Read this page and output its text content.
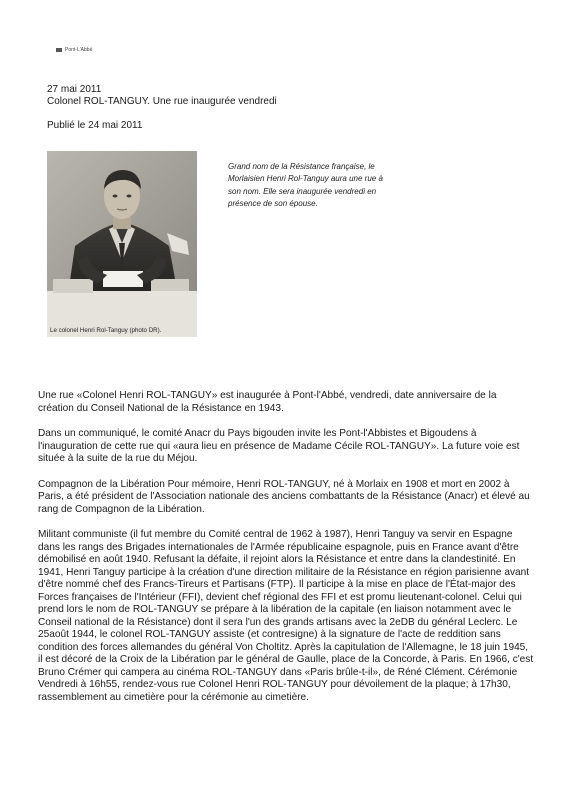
Pont-L'Abbé
27 mai 2011
Colonel ROL-TANGUY. Une rue inaugurée vendredi
Publié le 24 mai 2011
Le colonel Henri Rol-Tanguy (photo DR).
Grand nom de la Résistance française, le Morlaisien Henri Rol-Tanguy aura une rue à son nom. Elle sera inaugurée vendredi en présence de son épouse.

Une rue «Colonel Henri ROL-TANGUY» est inaugurée à Pont-l'Abbé, vendredi, date anniversaire de la création du Conseil National de la Résistance en 1943.

Dans un communiqué, le comité Anacr du Pays bigouden invite les Pont-l'Abbistes et Bigoudens à l'inauguration de cette rue qui «aura lieu en présence de Madame Cécile ROL-TANGUY». La future voie est située à la suite de la rue du Méjou.

Compagnon de la Libération Pour mémoire, Henri ROL-TANGUY, né à Morlaix en 1908 et mort en 2002 à Paris, a été président de l'Association nationale des anciens combattants de la Résistance (Anacr) et élevé au rang de Compagnon de la Libération.

Militant communiste (il fut membre du Comité central de 1962 à 1987), Henri Tanguy va servir en Espagne dans les rangs des Brigades internationales de l'Armée républicaine espagnole, puis en France avant d'être démobilisé en août 1940. Refusant la défaite, il rejoint alors la Résistance et entre dans la clandestinité. En 1941, Henri Tanguy participe à la création d'une direction militaire de la Résistance en région parisienne avant d'être nommé chef des Francs-Tireurs et Partisans (FTP). Il participe à la mise en place de l'État-major des Forces françaises de l'Intérieur (FFI), devient chef régional des FFI et est promu lieutenant-colonel. Celui qui prend lors le nom de ROL-TANGUY se prépare à la libération de la capitale (en liaison notamment avec le Conseil national de la Résistance) dont il sera l'un des grands artisans avec la 2eDB du général Leclerc. Le 25août 1944, le colonel ROL-TANGUY assiste (et contresigne) à la signature de l'acte de reddition sans condition des forces allemandes du général Von Choltitz. Après la capitulation de l'Allemagne, le 18 juin 1945, il est décoré de la Croix de la Libération par le général de Gaulle, place de la Concorde, à Paris. En 1966, c'est Bruno Crémer qui campera au cinéma ROL-TANGUY dans «Paris brûle-t-il», de Réné Clément. Cérémonie Vendredi à 16h55, rendez-vous rue Colonel Henri ROL-TANGUY pour dévoilement de la plaque; à 17h30, rassemblement au cimetière pour la cérémonie au cimetière.
